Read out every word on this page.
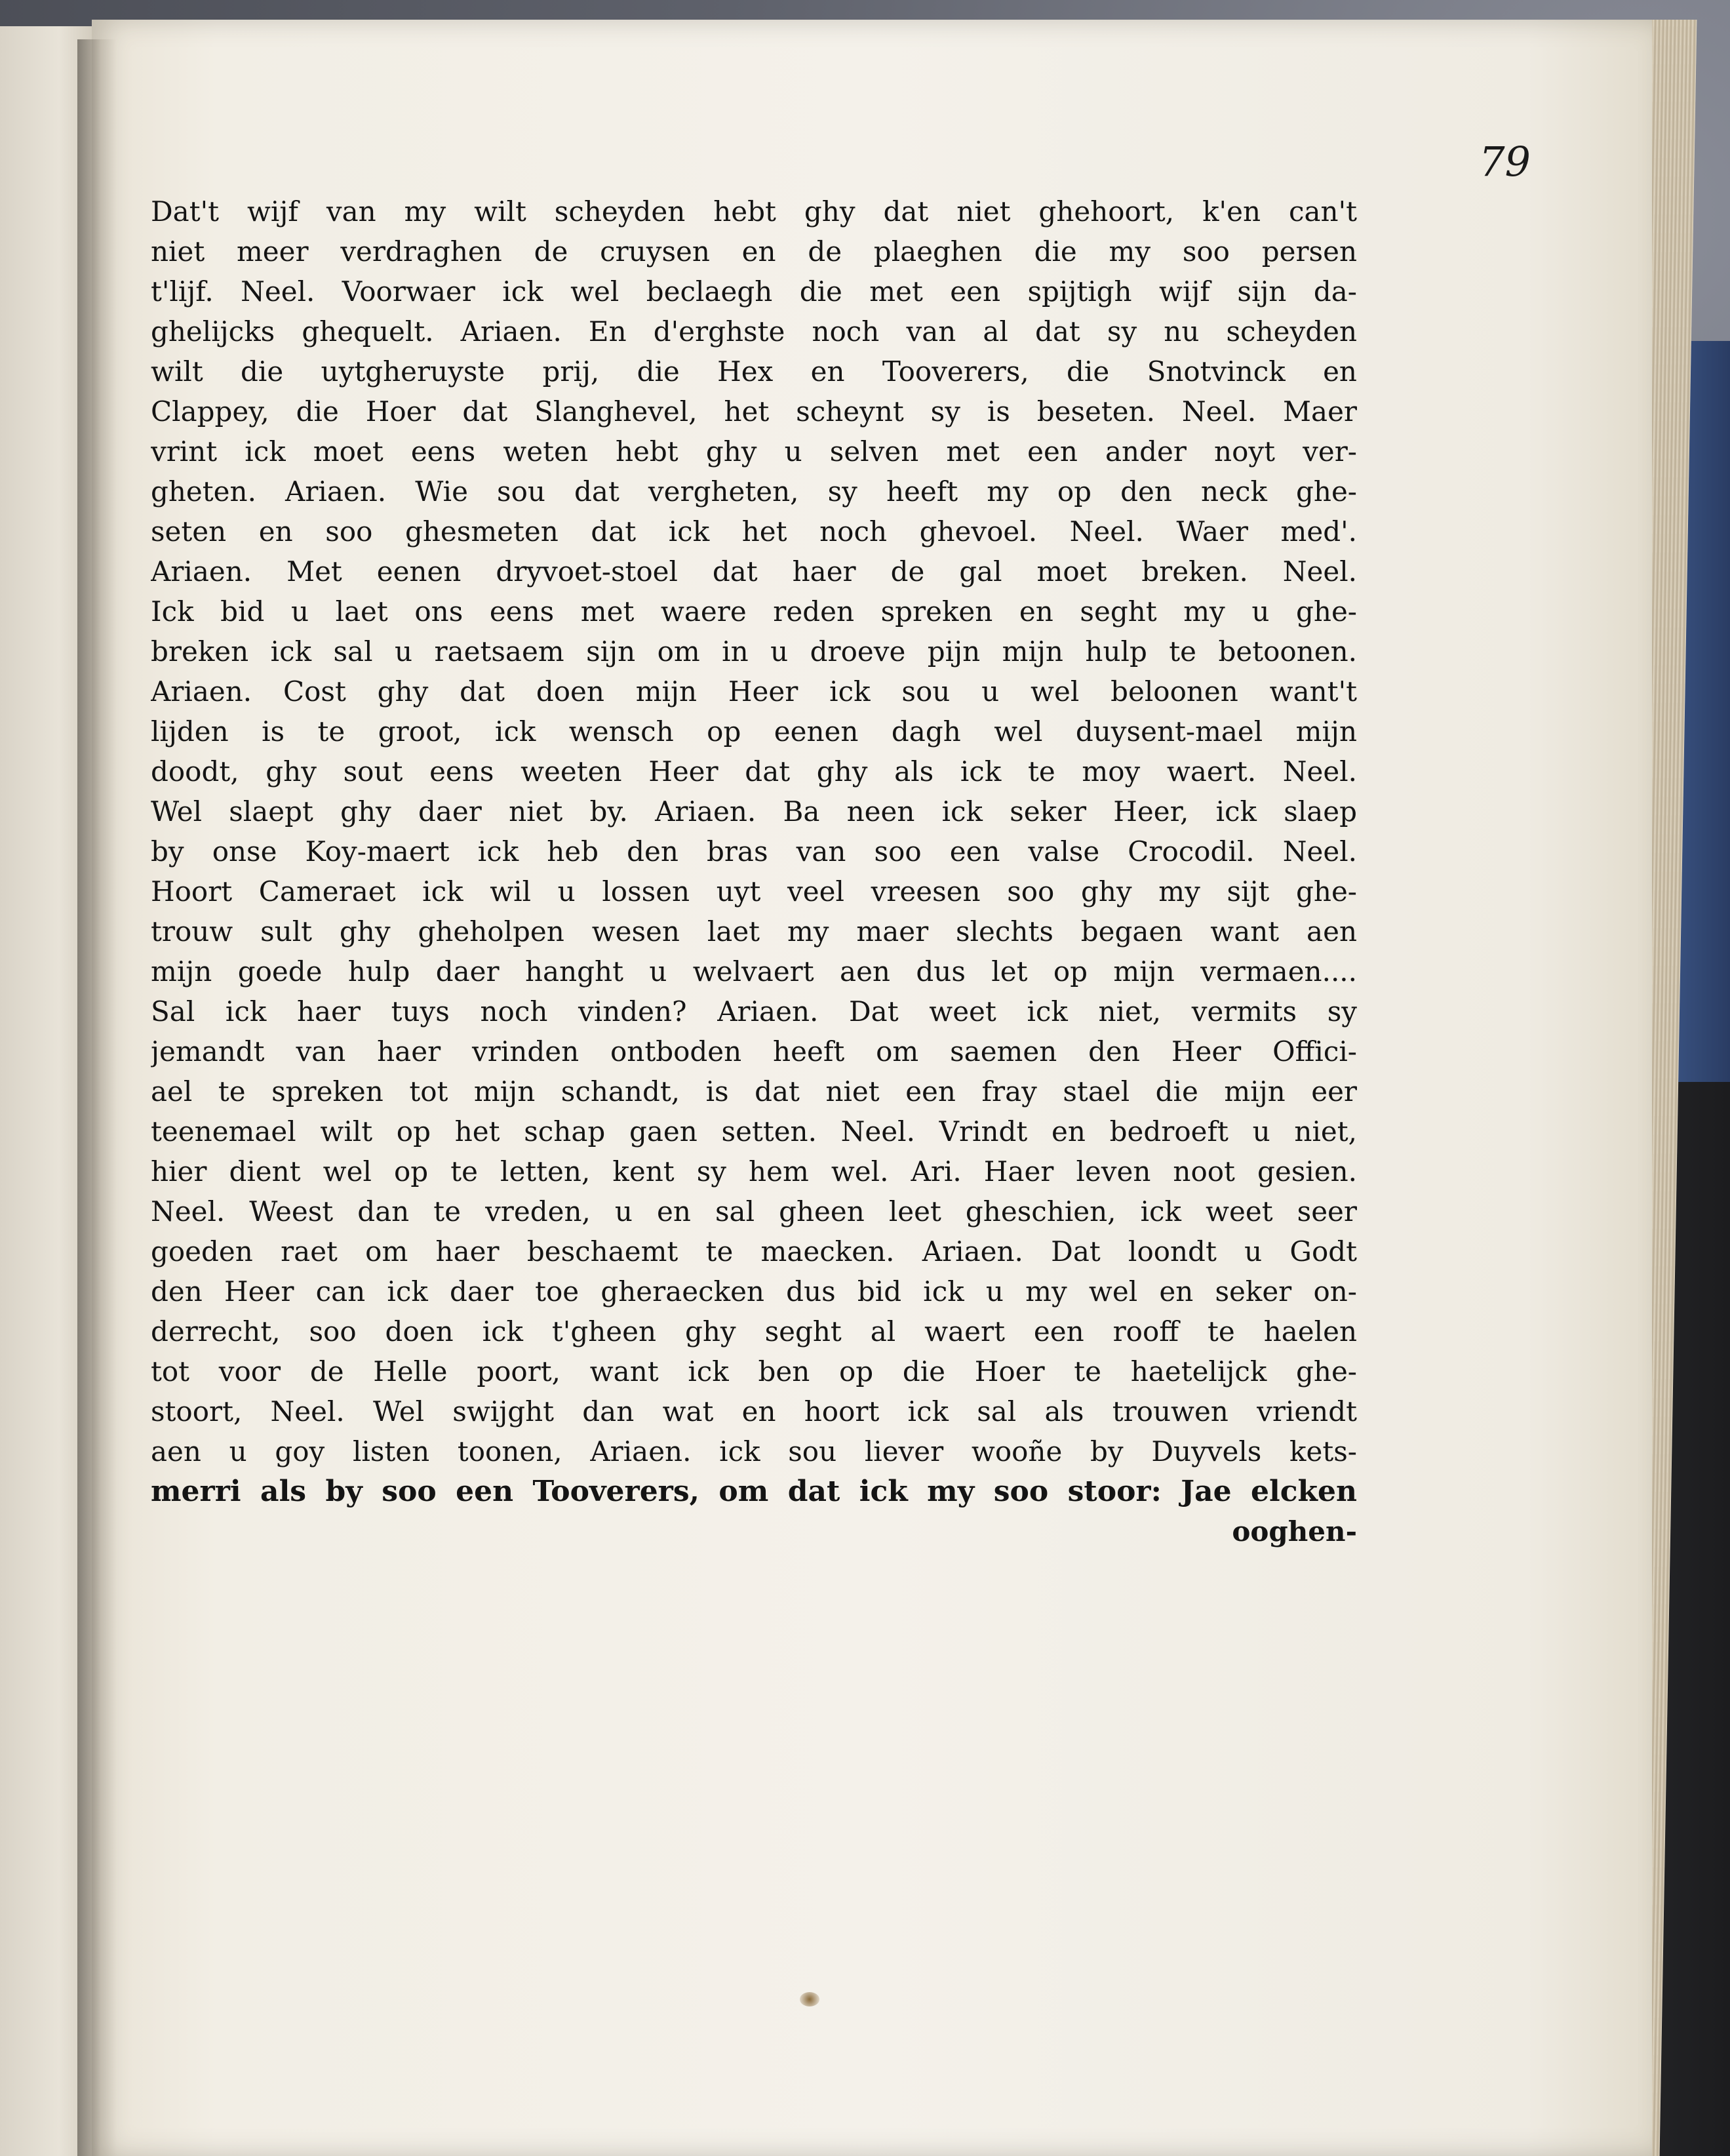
79
Dat't wijf van my wilt scheyden hebt ghy dat niet ghehoort, k'en can't
niet meer verdraghen de cruysen en de plaeghen die my soo persen
t'lijf. Neel. Voorwaer ick wel beclaegh die met een spijtigh wijf sijn da-
ghelijcks ghequelt. Ariaen. En d'erghste noch van al dat sy nu scheyden
wilt die uytgheruyste prij, die Hex en Tooverers, die Snotvinck en
Clappey, die Hoer dat Slanghevel, het scheynt sy is beseten. Neel. Maer
vrint ick moet eens weten hebt ghy u selven met een ander noyt ver-
gheten. Ariaen. Wie sou dat vergheten, sy heeft my op den neck ghe-
seten en soo ghesmeten dat ick het noch ghevoel. Neel. Waer med'.
Ariaen. Met eenen dryvoet-stoel dat haer de gal moet breken. Neel.
Ick bid u laet ons eens met waere reden spreken en seght my u ghe-
breken ick sal u raetsaem sijn om in u droeve pijn mijn hulp te betoonen.
Ariaen. Cost ghy dat doen mijn Heer ick sou u wel beloonen want't
lijden is te groot, ick wensch op eenen dagh wel duysent-mael mijn
doodt, ghy sout eens weeten Heer dat ghy als ick te moy waert. Neel.
Wel slaept ghy daer niet by. Ariaen. Ba neen ick seker Heer, ick slaep
by onse Koy-maert ick heb den bras van soo een valse Crocodil. Neel.
Hoort Cameraet ick wil u lossen uyt veel vreesen soo ghy my sijt ghe-
trouw sult ghy gheholpen wesen laet my maer slechts begaen want aen
mijn goede hulp daer hanght u welvaert aen dus let op mijn vermaen....
Sal ick haer tuys noch vinden? Ariaen. Dat weet ick niet, vermits sy
jemandt van haer vrinden ontboden heeft om saemen den Heer Offici-
ael te spreken tot mijn schandt, is dat niet een fray stael die mijn eer
teenemael wilt op het schap gaen setten. Neel. Vrindt en bedroeft u niet,
hier dient wel op te letten, kent sy hem wel. Ari. Haer leven noot gesien.
Neel. Weest dan te vreden, u en sal gheen leet gheschien, ick weet seer
goeden raet om haer beschaemt te maecken. Ariaen. Dat loondt u Godt
den Heer can ick daer toe gheraecken dus bid ick u my wel en seker on-
derrecht, soo doen ick t'gheen ghy seght al waert een rooff te haelen
tot voor de Helle poort, want ick ben op die Hoer te haetelijck ghe-
stoort, Neel. Wel swijght dan wat en hoort ick sal als trouwen vriendt
aen u goy listen toonen, Ariaen. ick sou liever wooñe by Duyvels kets-
merri als by soo een Tooverers, om dat ick my soo stoor: Jae elcken
ooghen-
